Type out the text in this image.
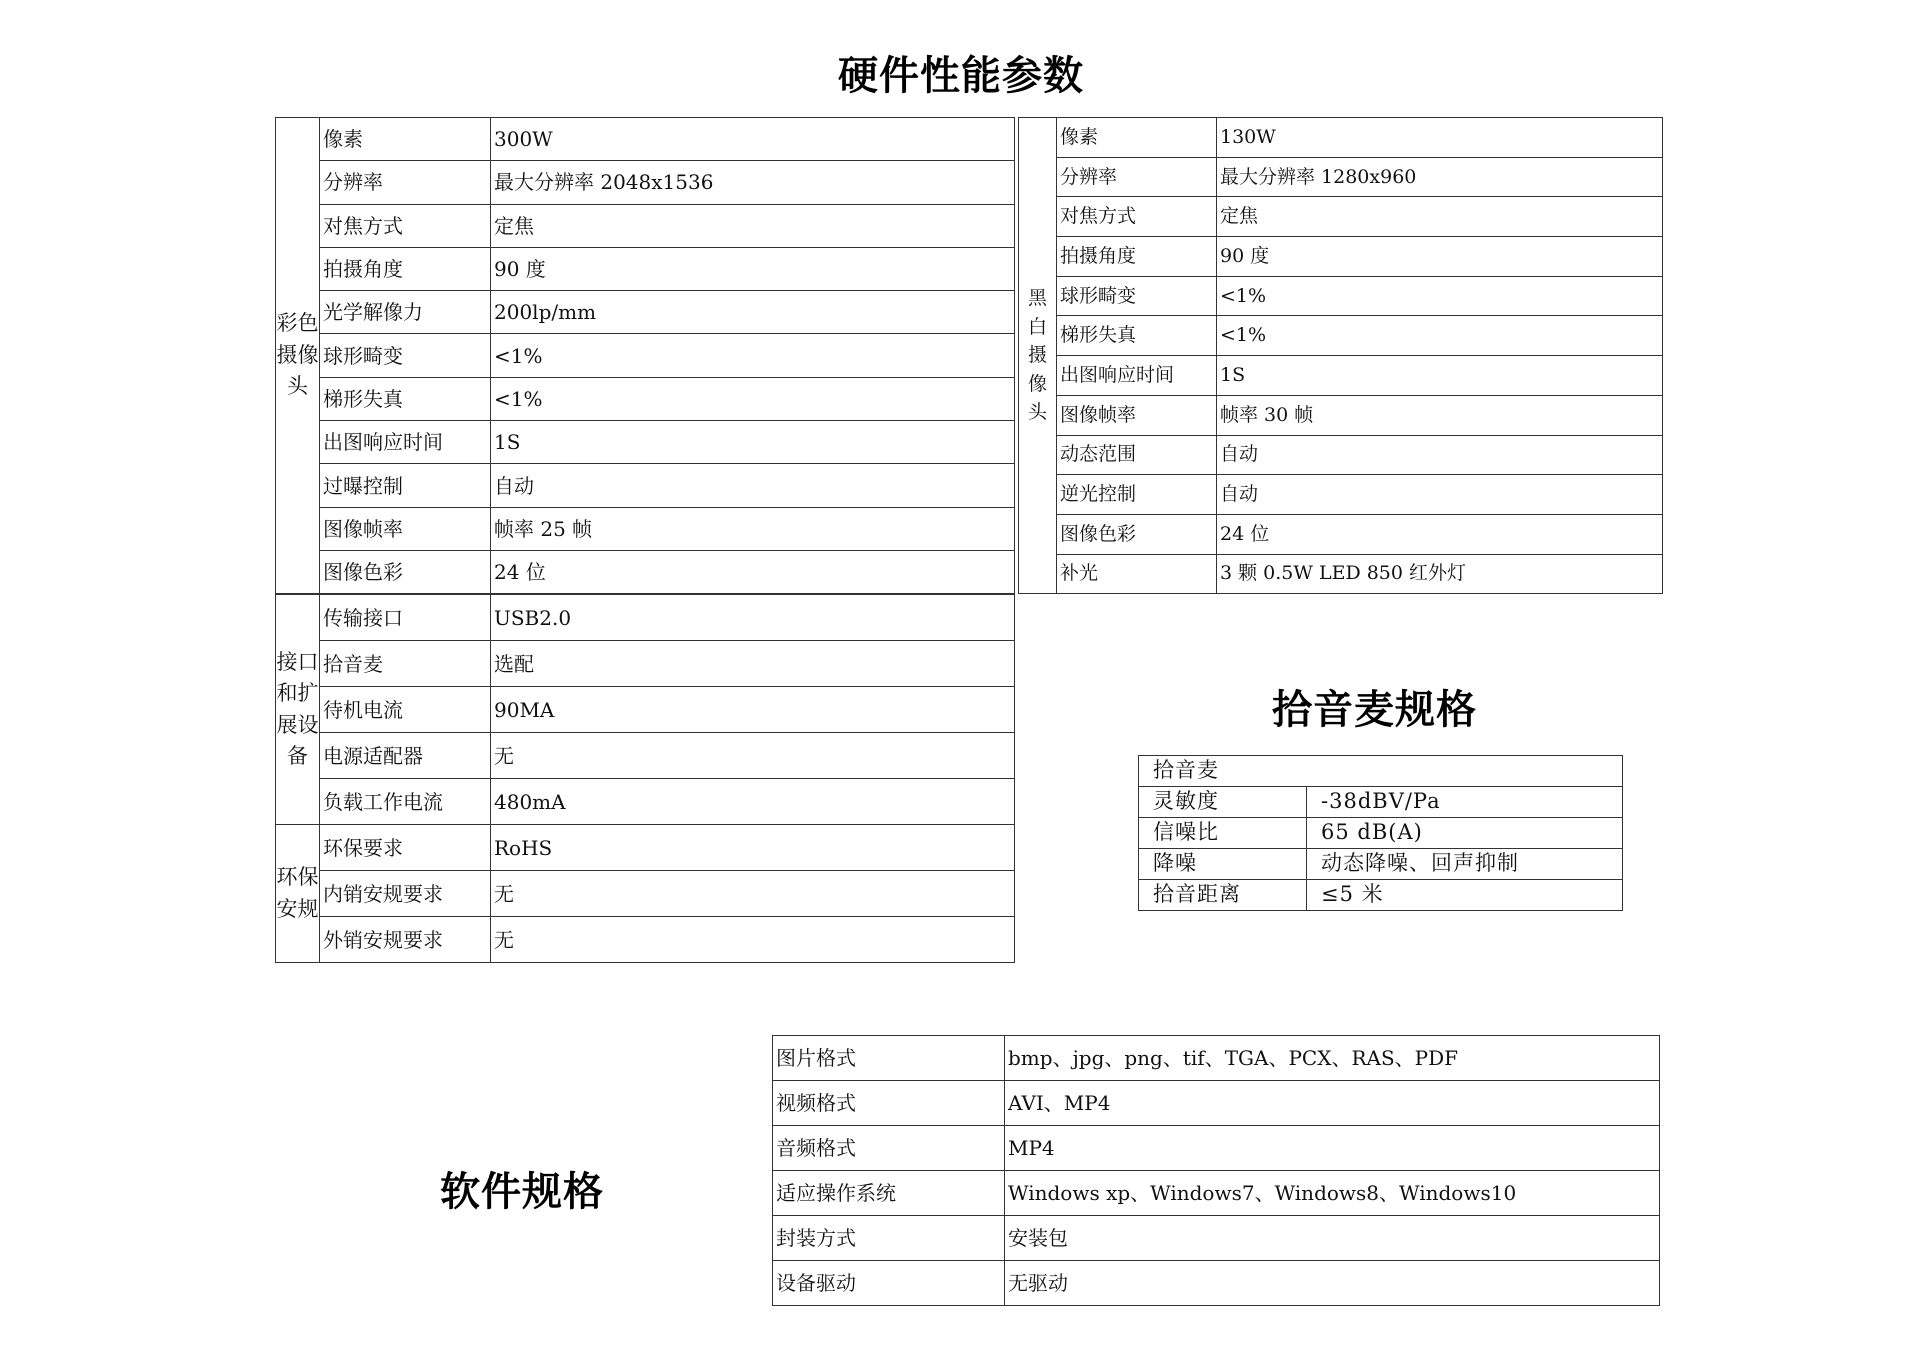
硬件性能参数
拾音麦规格
软件规格
彩色摄像头	像素	300W
	分辨率	最大分辨率 2048x1536
	对焦方式	定焦
	拍摄角度	90 度
	光学解像力	200lp/mm
	球形畸变	<1%
	梯形失真	<1%
	出图响应时间	1S
	过曝控制	自动
	图像帧率	帧率 25 帧
	图像色彩	24 位
黑白摄像头	像素	130W
	分辨率	最大分辨率 1280x960
	对焦方式	定焦
	拍摄角度	90 度
	球形畸变	<1%
	梯形失真	<1%
	出图响应时间	1S
	图像帧率	帧率 30 帧
	动态范围	自动
	逆光控制	自动
	图像色彩	24 位
	补光	3 颗 0.5W LED 850 红外灯
接口和扩展设备	传输接口	USB2.0
	拾音麦	选配
	待机电流	90MA
	电源适配器	无
	负载工作电流	480mA
环保安规	环保要求	RoHS
	内销安规要求	无
	外销安规要求	无
拾音麦	
灵敏度	-38dBV/Pa
信噪比	65 dB(A)
降噪	动态降噪、回声抑制
拾音距离	≤5 米
图片格式	bmp、jpg、png、tif、TGA、PCX、RAS、PDF
视频格式	AVI、MP4
音频格式	MP4
适应操作系统	Windows xp、Windows7、Windows8、Windows10
封装方式	安装包
设备驱动	无驱动
